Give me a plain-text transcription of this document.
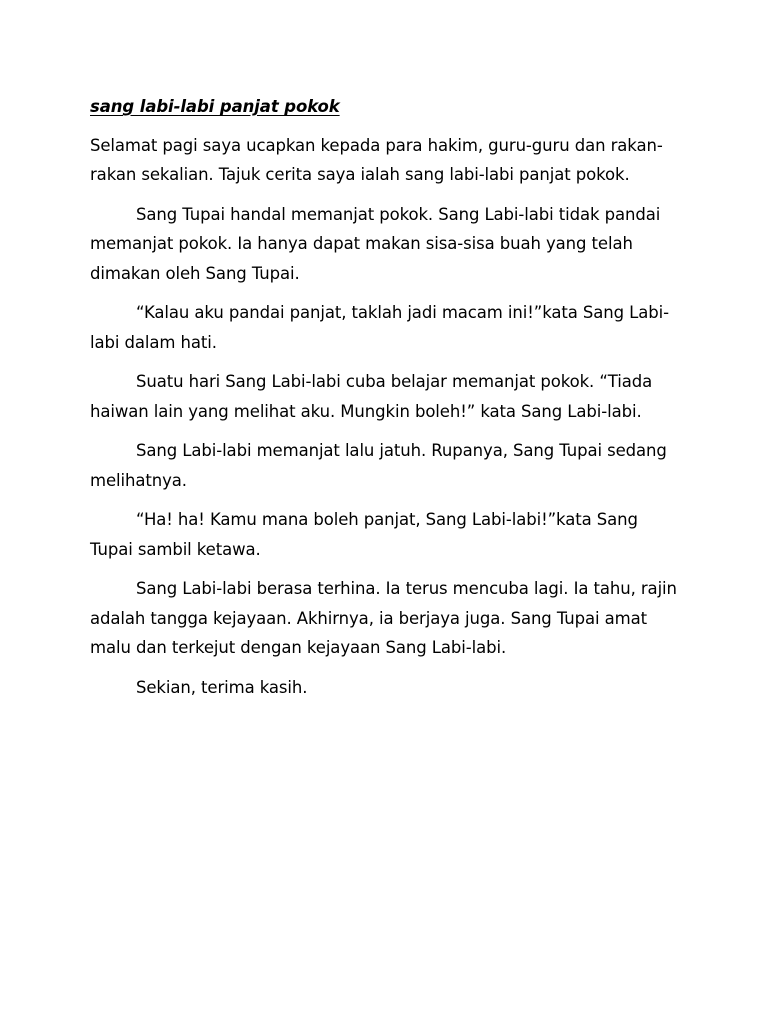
sang labi-labi panjat pokok

Selamat pagi saya ucapkan kepada para hakim, guru-guru dan rakan-rakan sekalian. Tajuk cerita saya ialah sang labi-labi panjat pokok.

Sang Tupai handal memanjat pokok. Sang Labi-labi tidak pandai memanjat pokok. Ia hanya dapat makan sisa-sisa buah yang telah dimakan oleh Sang Tupai.

“Kalau aku pandai panjat, taklah jadi macam ini!”kata Sang Labi-labi dalam hati.

Suatu hari Sang Labi-labi cuba belajar memanjat pokok. “Tiada haiwan lain yang melihat aku. Mungkin boleh!” kata Sang Labi-labi.

Sang Labi-labi memanjat lalu jatuh. Rupanya, Sang Tupai sedang melihatnya.

“Ha! ha! Kamu mana boleh panjat, Sang Labi-labi!”kata Sang Tupai sambil ketawa.

Sang Labi-labi berasa terhina. Ia terus mencuba lagi. Ia tahu, rajin adalah tangga kejayaan. Akhirnya, ia berjaya juga. Sang Tupai amat malu dan terkejut dengan kejayaan Sang Labi-labi.

Sekian, terima kasih.
